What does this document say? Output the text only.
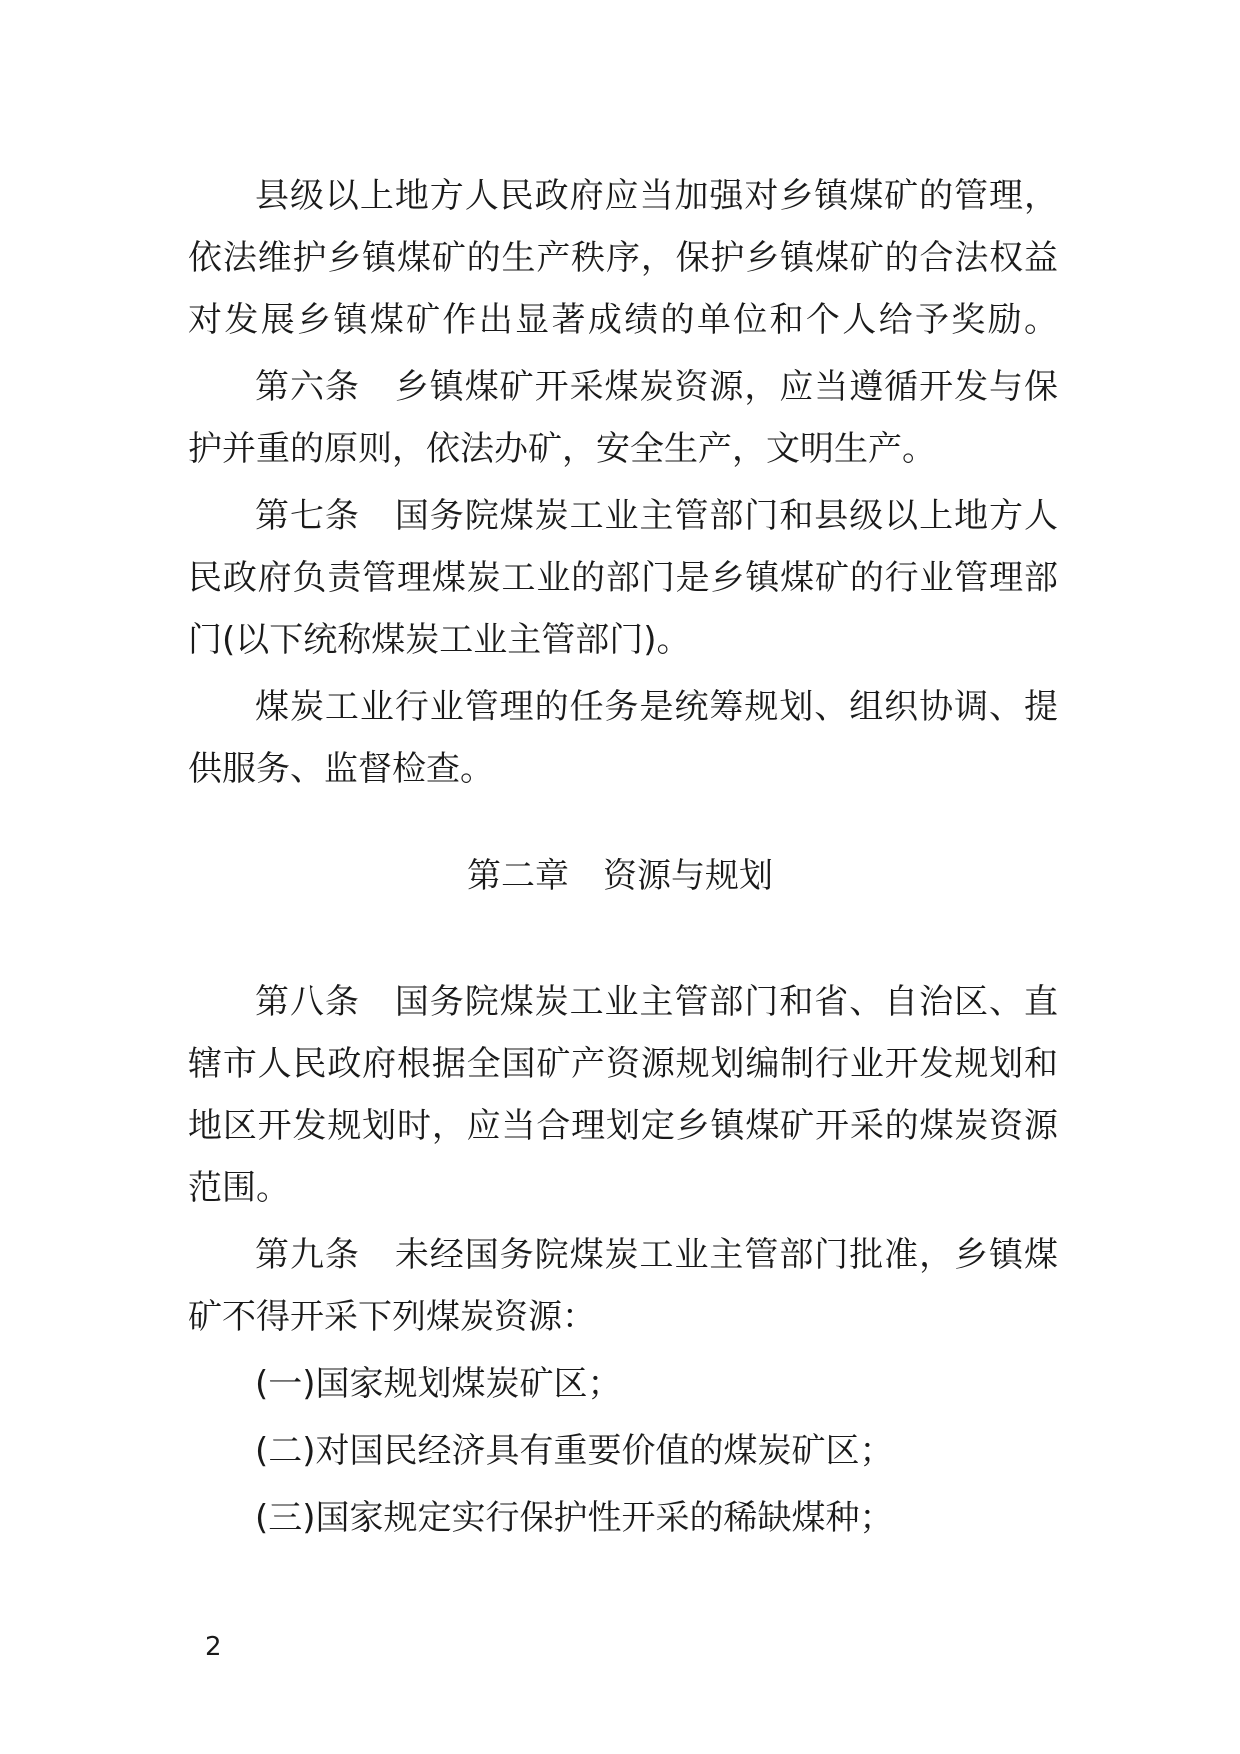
县级以上地方人民政府应当加强对乡镇煤矿的管理，
依法维护乡镇煤矿的生产秩序，保护乡镇煤矿的合法权益
对发展乡镇煤矿作出显著成绩的单位和个人给予奖励。
第六条　乡镇煤矿开采煤炭资源，应当遵循开发与保
护并重的原则，依法办矿，安全生产，文明生产。
第七条　国务院煤炭工业主管部门和县级以上地方人
民政府负责管理煤炭工业的部门是乡镇煤矿的行业管理部
门(以下统称煤炭工业主管部门)。
煤炭工业行业管理的任务是统筹规划、组织协调、提
供服务、监督检查。
第二章　资源与规划
第八条　国务院煤炭工业主管部门和省、自治区、直
辖市人民政府根据全国矿产资源规划编制行业开发规划和
地区开发规划时，应当合理划定乡镇煤矿开采的煤炭资源
范围。
第九条　未经国务院煤炭工业主管部门批准，乡镇煤
矿不得开采下列煤炭资源：
(一)国家规划煤炭矿区；
(二)对国民经济具有重要价值的煤炭矿区；
(三)国家规定实行保护性开采的稀缺煤种；
2
